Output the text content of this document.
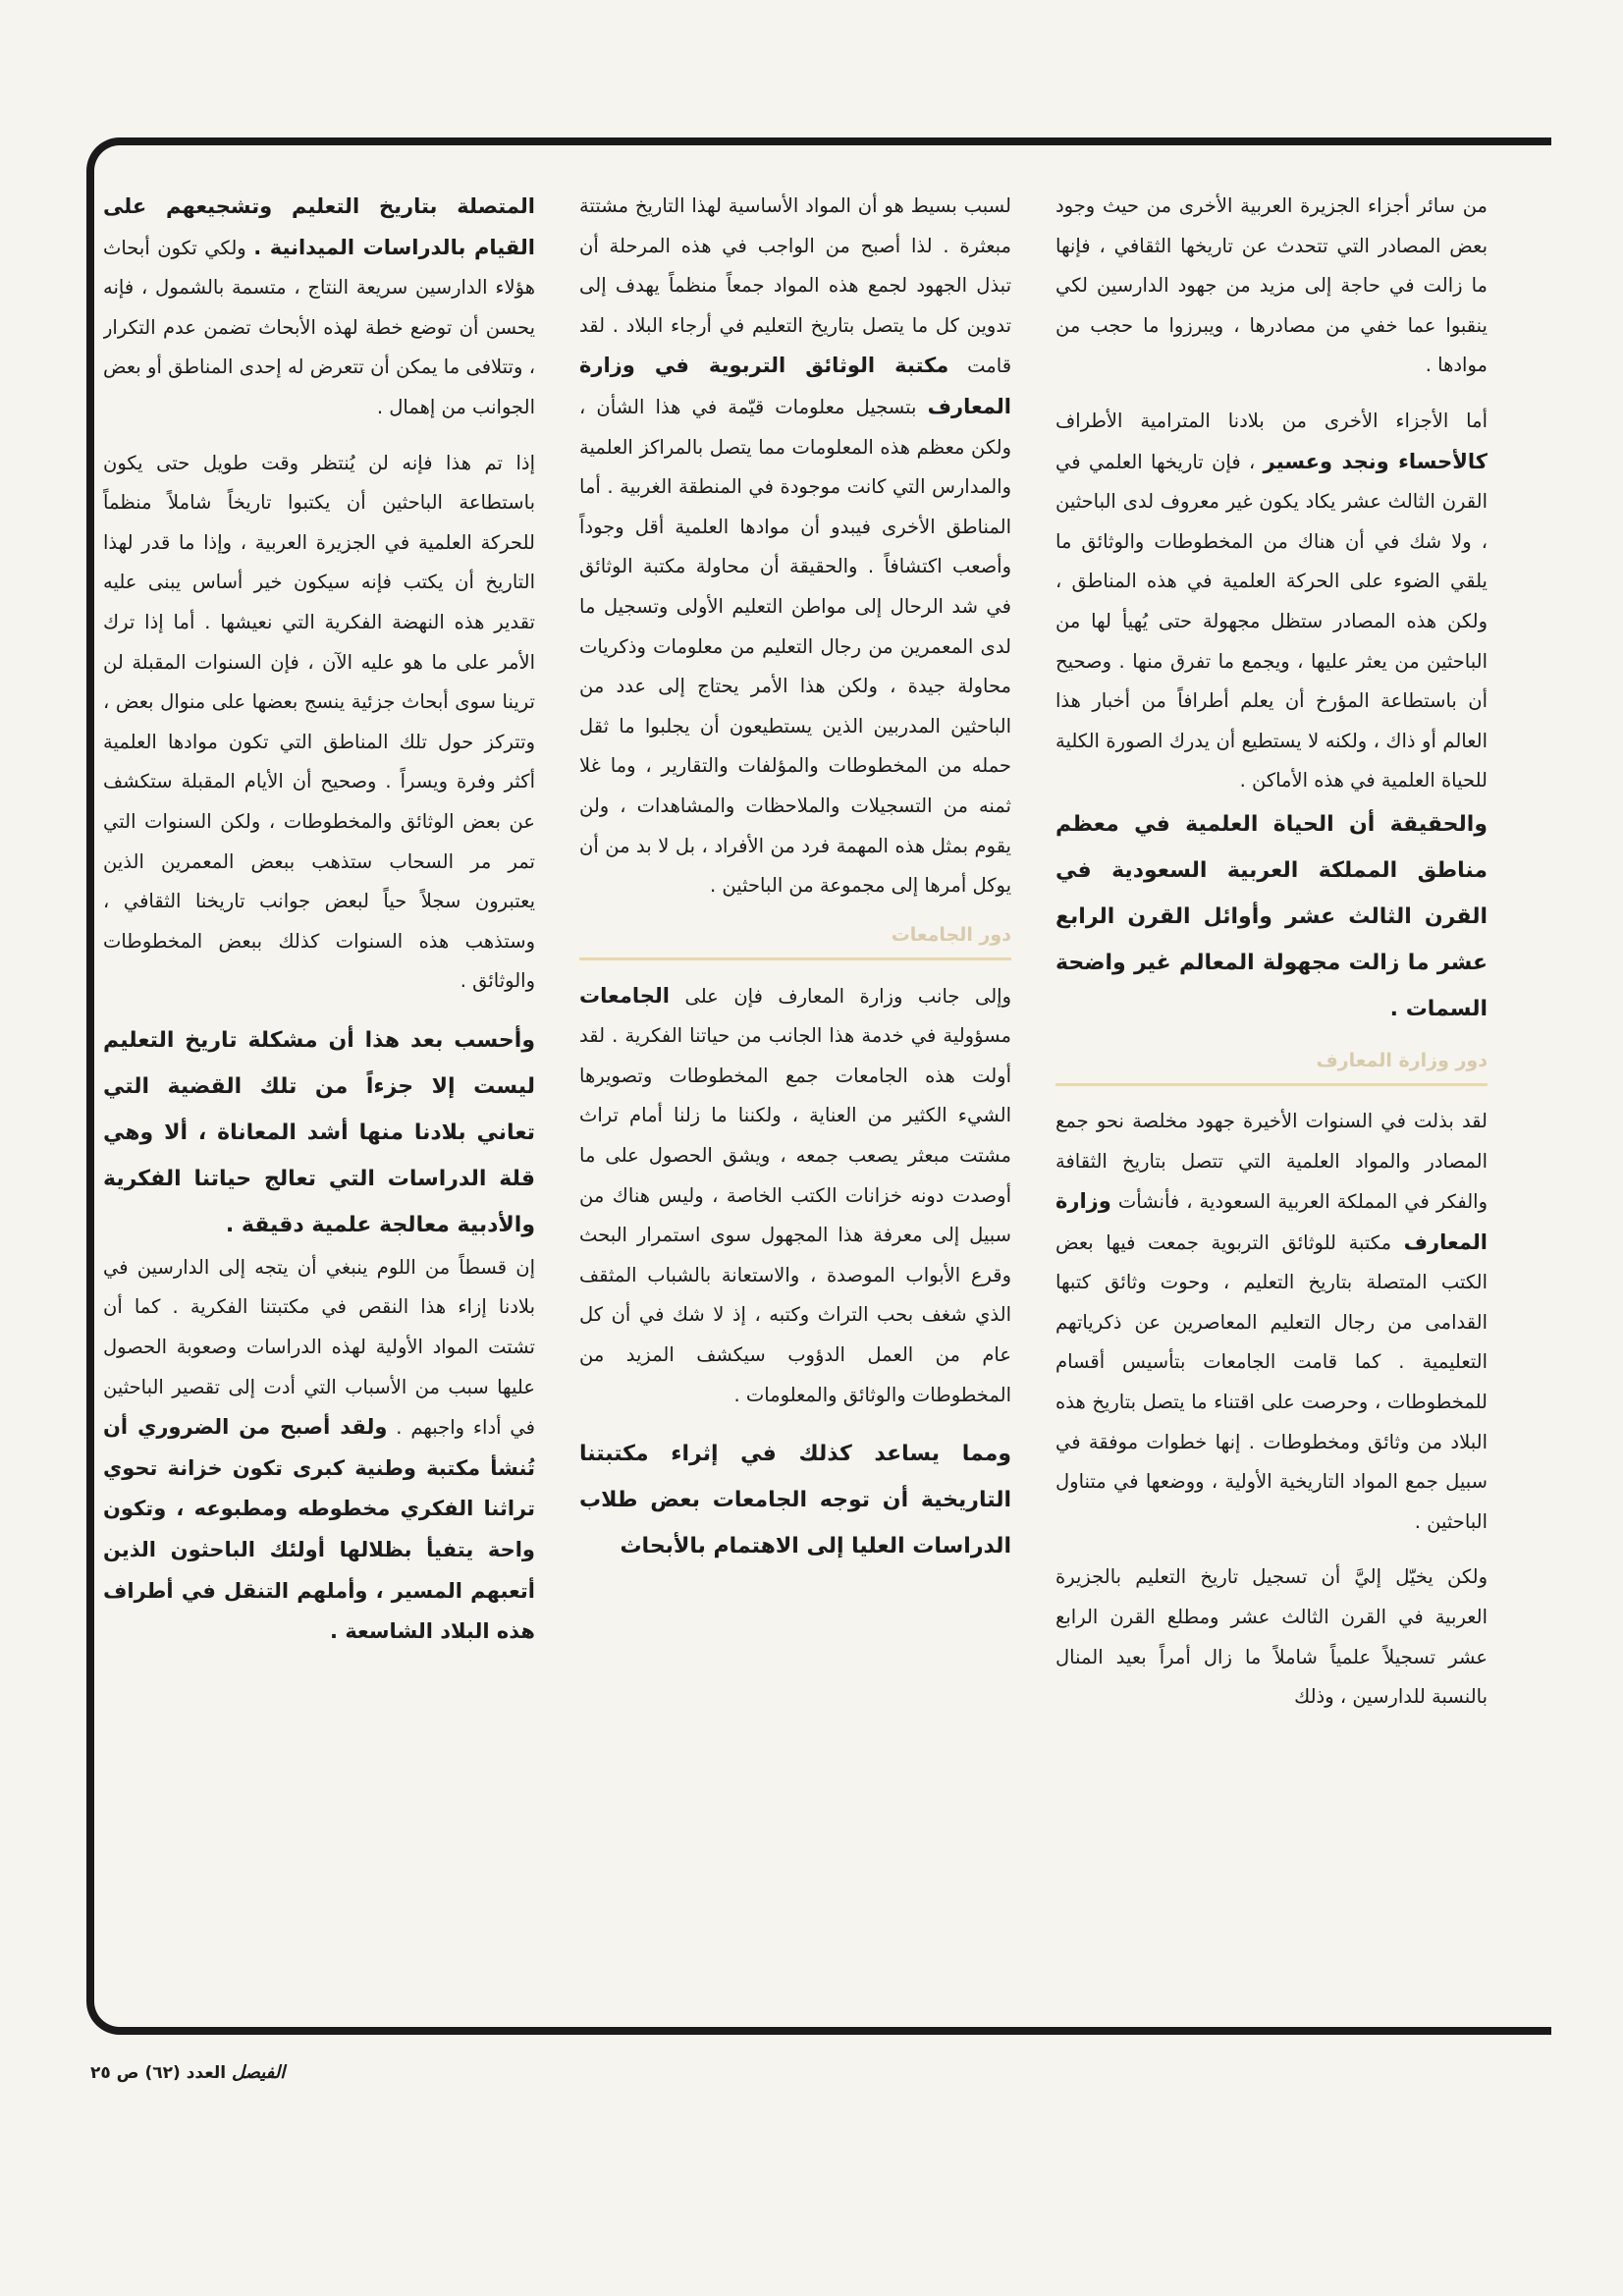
من سائر أجزاء الجزيرة العربية الأخرى من حيث وجود بعض المصادر التي تتحدث عن تاريخها الثقافي ، فإنها ما زالت في حاجة إلى مزيد من جهود الدارسين لكي ينقبوا عما خفي من مصادرها ، ويبرزوا ما حجب من موادها .

أما الأجزاء الأخرى من بلادنا المترامية الأطراف كالأحساء ونجد وعسير ، فإن تاريخها العلمي في القرن الثالث عشر يكاد يكون غير معروف لدى الباحثين ، ولا شك في أن هناك من المخطوطات والوثائق ما يلقي الضوء على الحركة العلمية في هذه المناطق ، ولكن هذه المصادر ستظل مجهولة حتى يُهيأ لها من الباحثين من يعثر عليها ، ويجمع ما تفرق منها . وصحيح أن باستطاعة المؤرخ أن يعلم أطرافاً من أخبار هذا العالم أو ذاك ، ولكنه لا يستطيع أن يدرك الصورة الكلية للحياة العلمية في هذه الأماكن .

والحقيقة أن الحياة العلمية في معظم مناطق المملكة العربية السعودية في القرن الثالث عشر وأوائل القرن الرابع عشر ما زالت مجهولة المعالم غير واضحة السمات .

دور وزارة المعارف

لقد بذلت في السنوات الأخيرة جهود مخلصة نحو جمع المصادر والمواد العلمية التي تتصل بتاريخ الثقافة والفكر في المملكة العربية السعودية ، فأنشأت وزارة المعارف مكتبة للوثائق التربوية جمعت فيها بعض الكتب المتصلة بتاريخ التعليم ، وحوت وثائق كتبها القدامى من رجال التعليم المعاصرين عن ذكرياتهم التعليمية . كما قامت الجامعات بتأسيس أقسام للمخطوطات ، وحرصت على اقتناء ما يتصل بتاريخ هذه البلاد من وثائق ومخطوطات . إنها خطوات موفقة في سبيل جمع المواد التاريخية الأولية ، ووضعها في متناول الباحثين .

ولكن يخيّل إليَّ أن تسجيل تاريخ التعليم بالجزيرة العربية في القرن الثالث عشر ومطلع القرن الرابع عشر تسجيلاً علمياً شاملاً ما زال أمراً بعيد المنال بالنسبة للدارسين ، وذلك

لسبب بسيط هو أن المواد الأساسية لهذا التاريخ مشتتة مبعثرة . لذا أصبح من الواجب في هذه المرحلة أن تبذل الجهود لجمع هذه المواد جمعاً منظماً يهدف إلى تدوين كل ما يتصل بتاريخ التعليم في أرجاء البلاد . لقد قامت مكتبة الوثائق التربوية في وزارة المعارف بتسجيل معلومات قيّمة في هذا الشأن ، ولكن معظم هذه المعلومات مما يتصل بالمراكز العلمية والمدارس التي كانت موجودة في المنطقة الغربية . أما المناطق الأخرى فيبدو أن موادها العلمية أقل وجوداً وأصعب اكتشافاً . والحقيقة أن محاولة مكتبة الوثائق في شد الرحال إلى مواطن التعليم الأولى وتسجيل ما لدى المعمرين من رجال التعليم من معلومات وذكريات محاولة جيدة ، ولكن هذا الأمر يحتاج إلى عدد من الباحثين المدربين الذين يستطيعون أن يجلبوا ما ثقل حمله من المخطوطات والمؤلفات والتقارير ، وما غلا ثمنه من التسجيلات والملاحظات والمشاهدات ، ولن يقوم بمثل هذه المهمة فرد من الأفراد ، بل لا بد من أن يوكل أمرها إلى مجموعة من الباحثين .

دور الجامعات

وإلى جانب وزارة المعارف فإن على الجامعات مسؤولية في خدمة هذا الجانب من حياتنا الفكرية . لقد أولت هذه الجامعات جمع المخطوطات وتصويرها الشيء الكثير من العناية ، ولكننا ما زلنا أمام تراث مشتت مبعثر يصعب جمعه ، ويشق الحصول على ما أوصدت دونه خزانات الكتب الخاصة ، وليس هناك من سبيل إلى معرفة هذا المجهول سوى استمرار البحث وقرع الأبواب الموصدة ، والاستعانة بالشباب المثقف الذي شغف بحب التراث وكتبه ، إذ لا شك في أن كل عام من العمل الدؤوب سيكشف المزيد من المخطوطات والوثائق والمعلومات .

ومما يساعد كذلك في إثراء مكتبتنا التاريخية أن توجه الجامعات بعض طلاب الدراسات العليا إلى الاهتمام بالأبحاث

المتصلة بتاريخ التعليم وتشجيعهم على القيام بالدراسات الميدانية . ولكي تكون أبحاث هؤلاء الدارسين سريعة النتاج ، متسمة بالشمول ، فإنه يحسن أن توضع خطة لهذه الأبحاث تضمن عدم التكرار ، وتتلافى ما يمكن أن تتعرض له إحدى المناطق أو بعض الجوانب من إهمال .

إذا تم هذا فإنه لن يُنتظر وقت طويل حتى يكون باستطاعة الباحثين أن يكتبوا تاريخاً شاملاً منظماً للحركة العلمية في الجزيرة العربية ، وإذا ما قدر لهذا التاريخ أن يكتب فإنه سيكون خير أساس يبنى عليه تقدير هذه النهضة الفكرية التي نعيشها . أما إذا ترك الأمر على ما هو عليه الآن ، فإن السنوات المقبلة لن ترينا سوى أبحاث جزئية ينسج بعضها على منوال بعض ، وتتركز حول تلك المناطق التي تكون موادها العلمية أكثر وفرة ويسراً . وصحيح أن الأيام المقبلة ستكشف عن بعض الوثائق والمخطوطات ، ولكن السنوات التي تمر مر السحاب ستذهب ببعض المعمرين الذين يعتبرون سجلاً حياً لبعض جوانب تاريخنا الثقافي ، وستذهب هذه السنوات كذلك ببعض المخطوطات والوثائق .

وأحسب بعد هذا أن مشكلة تاريخ التعليم ليست إلا جزءاً من تلك القضية التي تعاني بلادنا منها أشد المعاناة ، ألا وهي قلة الدراسات التي تعالج حياتنا الفكرية والأدبية معالجة علمية دقيقة .

إن قسطاً من اللوم ينبغي أن يتجه إلى الدارسين في بلادنا إزاء هذا النقص في مكتبتنا الفكرية . كما أن تشتت المواد الأولية لهذه الدراسات وصعوبة الحصول عليها سبب من الأسباب التي أدت إلى تقصير الباحثين في أداء واجبهم . ولقد أصبح من الضروري أن تُنشأ مكتبة وطنية كبرى تكون خزانة تحوي تراثنا الفكري مخطوطه ومطبوعه ، وتكون واحة يتفيأ بظلالها أولئك الباحثون الذين أتعبهم المسير ، وأملهم التنقل في أطراف هذه البلاد الشاسعة .

الفيصل العدد (٦٢) ص ٢٥
